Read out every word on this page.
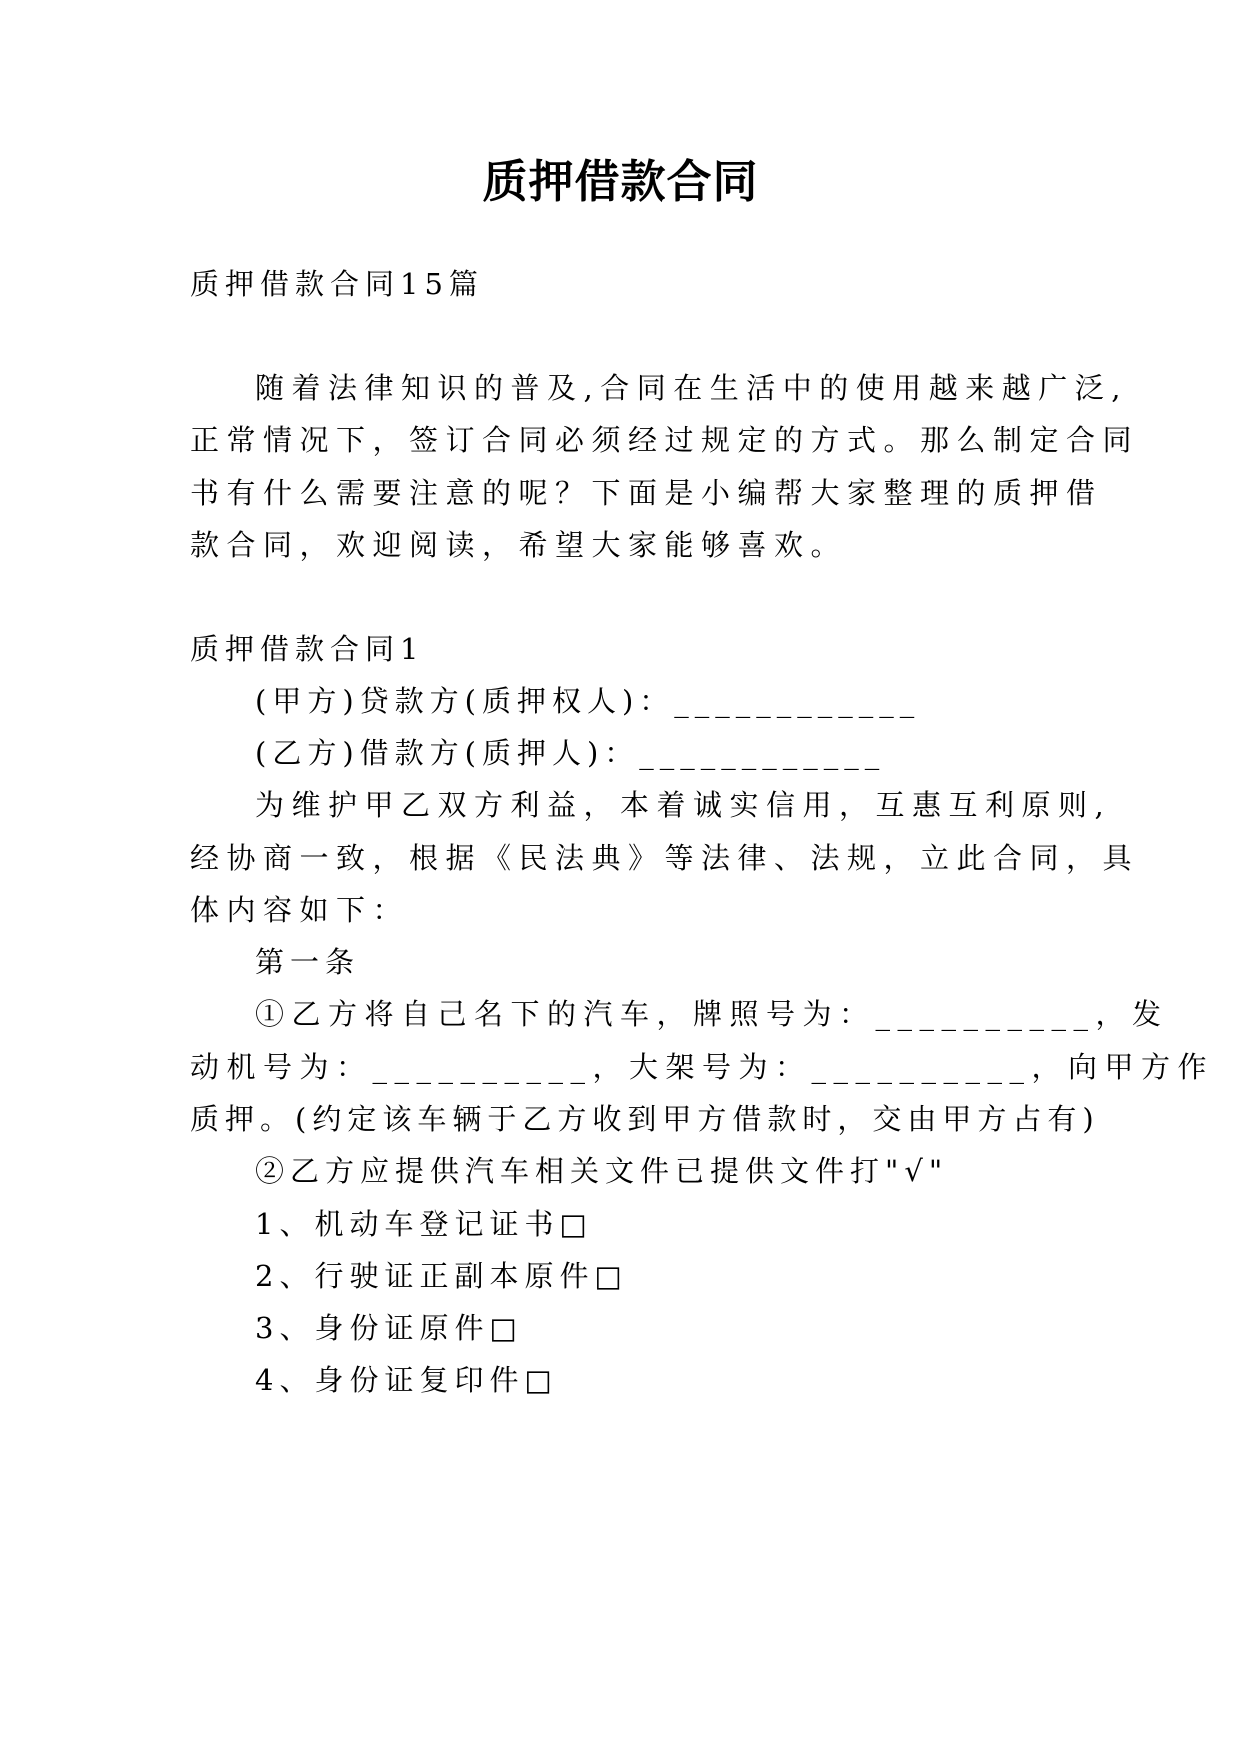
质押借款合同

质押借款合同15篇

随着法律知识的普及,合同在生活中的使用越来越广泛,

正常情况下，签订合同必须经过规定的方式。那么制定合同

书有什么需要注意的呢？下面是小编帮大家整理的质押借

款合同，欢迎阅读，希望大家能够喜欢。

质押借款合同1

(甲方)贷款方(质押权人)：____________

(乙方)借款方(质押人)：____________

为维护甲乙双方利益，本着诚实信用，互惠互利原则,

经协商一致，根据《民法典》等法律、法规，立此合同，具

体内容如下：

第一条

①乙方将自己名下的汽车，牌照号为：__________，发

动机号为：__________，大架号为：__________，向甲方作

质押。(约定该车辆于乙方收到甲方借款时，交由甲方占有)

②乙方应提供汽车相关文件已提供文件打"√"

1、机动车登记证书□

2、行驶证正副本原件□

3、身份证原件□

4、身份证复印件□
